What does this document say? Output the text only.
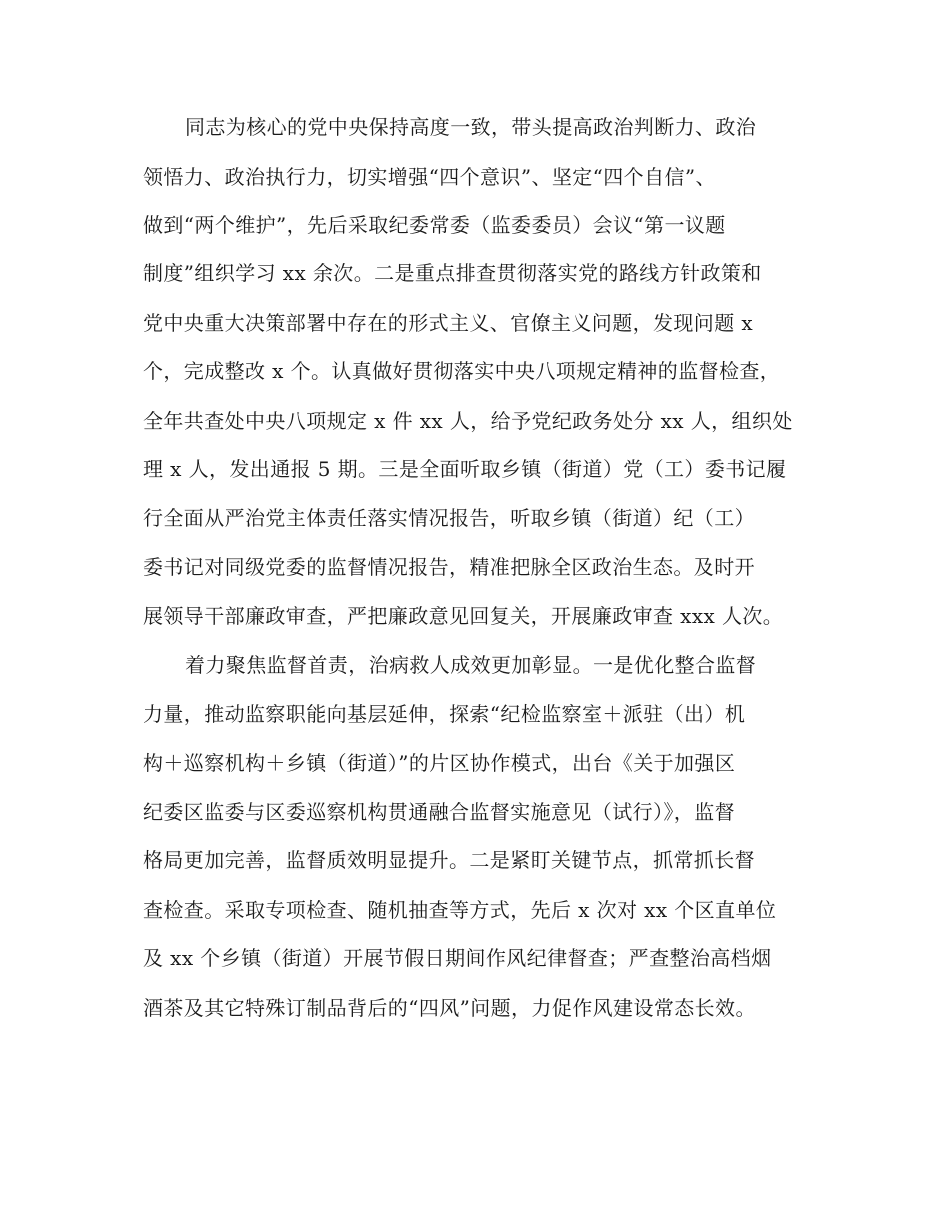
同志为核心的党中央保持高度一致，带头提高政治判断力、政治
领悟力、政治执行力，切实增强“四个意识”、坚定“四个自信”、
做到“两个维护”，先后采取纪委常委（监委委员）会议“第一议题
制度”组织学习 xx 余次。二是重点排查贯彻落实党的路线方针政策和
党中央重大决策部署中存在的形式主义、官僚主义问题，发现问题 x
个，完成整改 x 个。认真做好贯彻落实中央八项规定精神的监督检查，
全年共查处中央八项规定 x 件 xx 人，给予党纪政务处分 xx 人，组织处
理 x 人，发出通报 5 期。三是全面听取乡镇（街道）党（工）委书记履
行全面从严治党主体责任落实情况报告，听取乡镇（街道）纪（工）
委书记对同级党委的监督情况报告，精准把脉全区政治生态。及时开
展领导干部廉政审查，严把廉政意见回复关，开展廉政审查 xxx 人次。
着力聚焦监督首责，治病救人成效更加彰显。一是优化整合监督
力量，推动监察职能向基层延伸，探索“纪检监察室＋派驻（出）机
构＋巡察机构＋乡镇（街道）”的片区协作模式，出台《关于加强区
纪委区监委与区委巡察机构贯通融合监督实施意见（试行）》，监督
格局更加完善，监督质效明显提升。二是紧盯关键节点，抓常抓长督
查检查。采取专项检查、随机抽查等方式，先后 x 次对 xx 个区直单位
及 xx 个乡镇（街道）开展节假日期间作风纪律督查；严查整治高档烟
酒茶及其它特殊订制品背后的“四风”问题，力促作风建设常态长效。
